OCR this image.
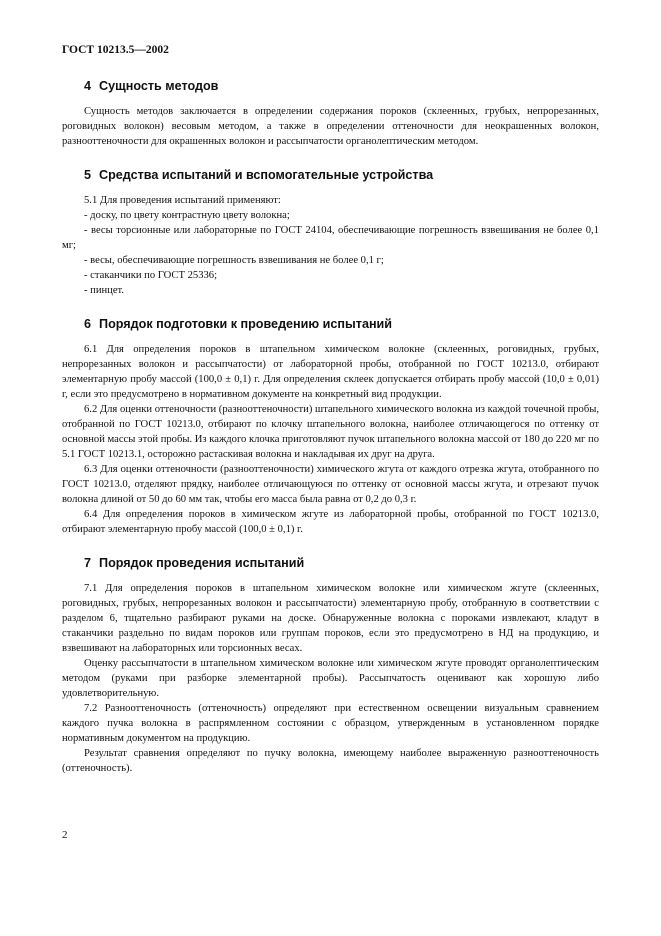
ГОСТ 10213.5—2002
4 Сущность методов

Сущность методов заключается в определении содержания пороков (склеенных, грубых, непрорезанных, роговидных волокон) весовым методом, а также в определении оттеночности для неокрашенных волокон, разнооттеночности для окрашенных волокон и рассыпчатости органолептическим методом.

5 Средства испытаний и вспомогательные устройства

5.1 Для проведения испытаний применяют:

- доску, по цвету контрастную цвету волокна;

- весы торсионные или лабораторные по ГОСТ 24104, обеспечивающие погрешность взвешивания не более 0,1 мг;

- весы, обеспечивающие погрешность взвешивания не более 0,1 г;

- стаканчики по ГОСТ 25336;

- пинцет.

6 Порядок подготовки к проведению испытаний

6.1 Для определения пороков в штапельном химическом волокне (склеенных, роговидных, грубых, непрорезанных волокон и рассыпчатости) от лабораторной пробы, отобранной по ГОСТ 10213.0, отбирают элементарную пробу массой (100,0 ± 0,1) г. Для определения склеек допускается отбирать пробу массой (10,0 ± 0,01) г, если это предусмотрено в нормативном документе на конкретный вид продукции.

6.2 Для оценки оттеночности (разнооттеночности) штапельного химического волокна из каждой точечной пробы, отобранной по ГОСТ 10213.0, отбирают по клочку штапельного волокна, наиболее отличающегося по оттенку от основной массы этой пробы. Из каждого клочка приготовляют пучок штапельного волокна массой от 180 до 220 мг по 5.1 ГОСТ 10213.1, осторожно растаскивая волокна и накладывая их друг на друга.

6.3 Для оценки оттеночности (разнооттеночности) химического жгута от каждого отрезка жгута, отобранного по ГОСТ 10213.0, отделяют прядку, наиболее отличающуюся по оттенку от основной массы жгута, и отрезают пучок волокна длиной от 50 до 60 мм так, чтобы его масса была равна от 0,2 до 0,3 г.

6.4 Для определения пороков в химическом жгуте из лабораторной пробы, отобранной по ГОСТ 10213.0, отбирают элементарную пробу массой (100,0 ± 0,1) г.

7 Порядок проведения испытаний

7.1 Для определения пороков в штапельном химическом волокне или химическом жгуте (склеенных, роговидных, грубых, непрорезанных волокон и рассыпчатости) элементарную пробу, отобранную в соответствии с разделом 6, тщательно разбирают руками на доске. Обнаруженные волокна с пороками извлекают, кладут в стаканчики раздельно по видам пороков или группам пороков, если это предусмотрено в НД на продукцию, и взвешивают на лабораторных или торсионных весах.

Оценку рассыпчатости в штапельном химическом волокне или химическом жгуте проводят органолептическим методом (руками при разборке элементарной пробы). Рассыпчатость оценивают как хорошую либо удовлетворительную.

7.2 Разнооттеночность (оттеночность) определяют при естественном освещении визуальным сравнением каждого пучка волокна в распрямленном состоянии с образцом, утвержденным в установленном порядке нормативным документом на продукцию.

Результат сравнения определяют по пучку волокна, имеющему наиболее выраженную разнооттеночность (оттеночность).

2
